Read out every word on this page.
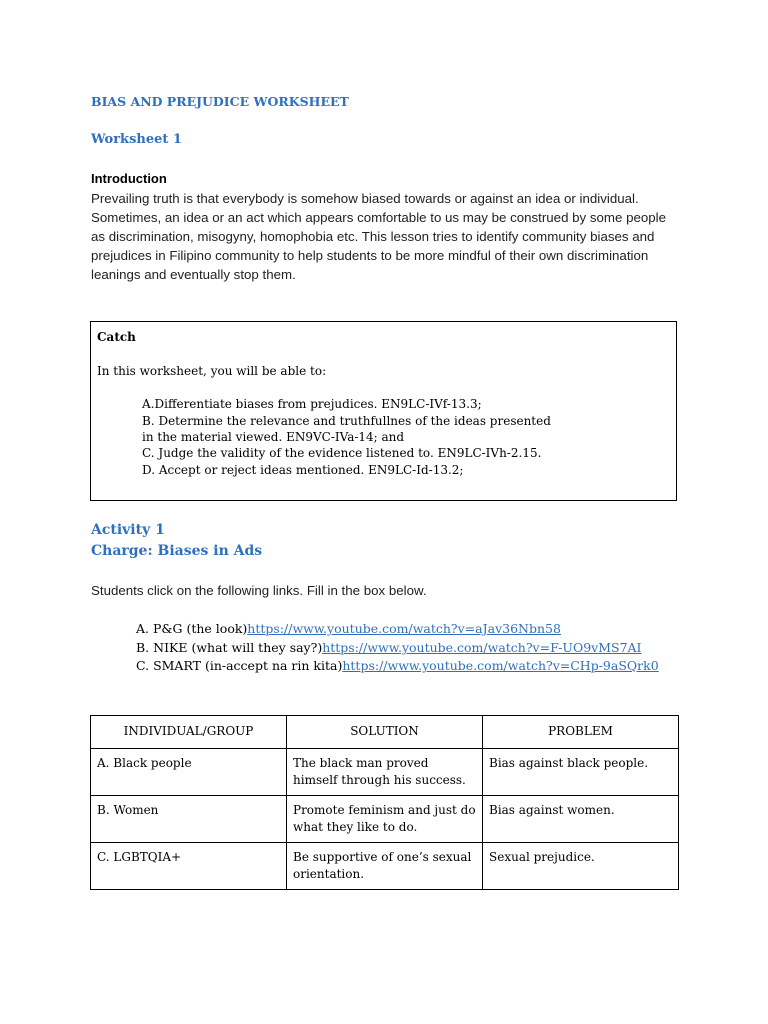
BIAS AND PREJUDICE WORKSHEET
Worksheet 1
Introduction
Prevailing truth is that everybody is somehow biased towards or against an idea or individual. Sometimes, an idea or an act which appears comfortable to us may be construed by some people as discrimination, misogyny, homophobia etc. This lesson tries to identify community biases and prejudices in Filipino community to help students to be more mindful of their own discrimination leanings and eventually stop them.
Catch
In this worksheet, you will be able to:
A.Differentiate biases from prejudices. EN9LC-IVf-13.3;
B. Determine the relevance and truthfullnes of the ideas presented
in the material viewed. EN9VC-IVa-14; and
C. Judge the validity of the evidence listened to. EN9LC-IVh-2.15.
D. Accept or reject ideas mentioned. EN9LC-Id-13.2;
Activity 1
Charge: Biases in Ads
Students click on the following links. Fill in the box below.
A. P&G (the look)https://www.youtube.com/watch?v=aJav36Nbn58
B. NIKE (what will they say?)https://www.youtube.com/watch?v=F-UO9vMS7AI
C. SMART (in-accept na rin kita)https://www.youtube.com/watch?v=CHp-9aSQrk0
INDIVIDUAL/GROUP	SOLUTION	PROBLEM
A. Black people	The black man proved himself through his success.	Bias against black people.
B. Women	Promote feminism and just do what they like to do.	Bias against women.
C. LGBTQIA+	Be supportive of one’s sexual orientation.	Sexual prejudice.
